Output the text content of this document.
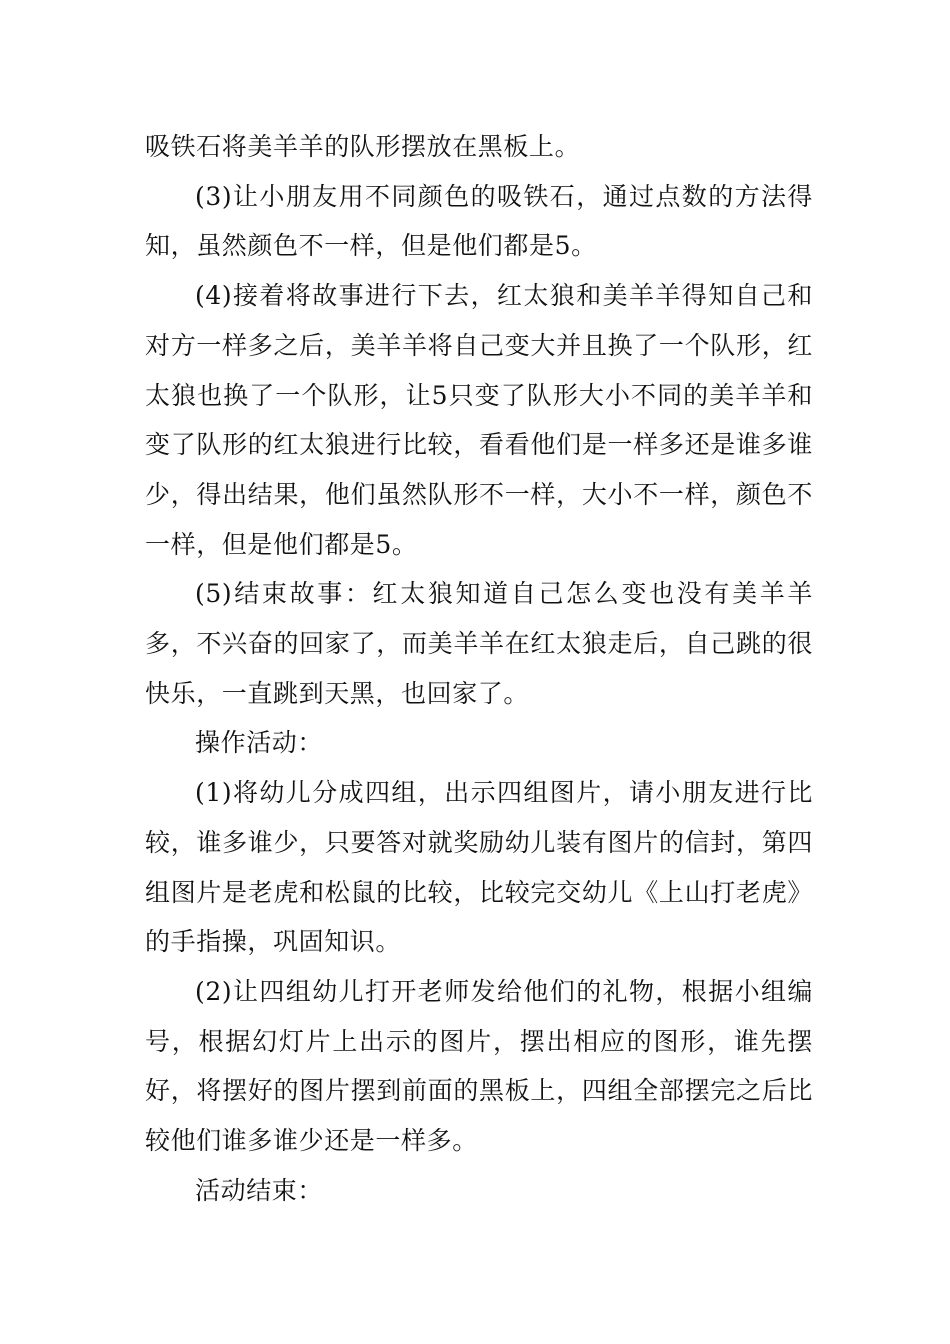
吸铁石将美羊羊的队形摆放在黑板上。

(3)让小朋友用不同颜色的吸铁石，通过点数的方法得知，虽然颜色不一样，但是他们都是5。

(4)接着将故事进行下去，红太狼和美羊羊得知自己和对方一样多之后，美羊羊将自己变大并且换了一个队形，红太狼也换了一个队形，让5只变了队形大小不同的美羊羊和变了队形的红太狼进行比较，看看他们是一样多还是谁多谁少，得出结果，他们虽然队形不一样，大小不一样，颜色不一样，但是他们都是5。

(5)结束故事：红太狼知道自己怎么变也没有美羊羊多，不兴奋的回家了，而美羊羊在红太狼走后，自己跳的很快乐，一直跳到天黑，也回家了。

操作活动：

(1)将幼儿分成四组，出示四组图片，请小朋友进行比较，谁多谁少，只要答对就奖励幼儿装有图片的信封，第四组图片是老虎和松鼠的比较，比较完交幼儿《上山打老虎》的手指操，巩固知识。

(2)让四组幼儿打开老师发给他们的礼物，根据小组编号，根据幻灯片上出示的图片，摆出相应的图形，谁先摆好，将摆好的图片摆到前面的黑板上，四组全部摆完之后比较他们谁多谁少还是一样多。

活动结束：
